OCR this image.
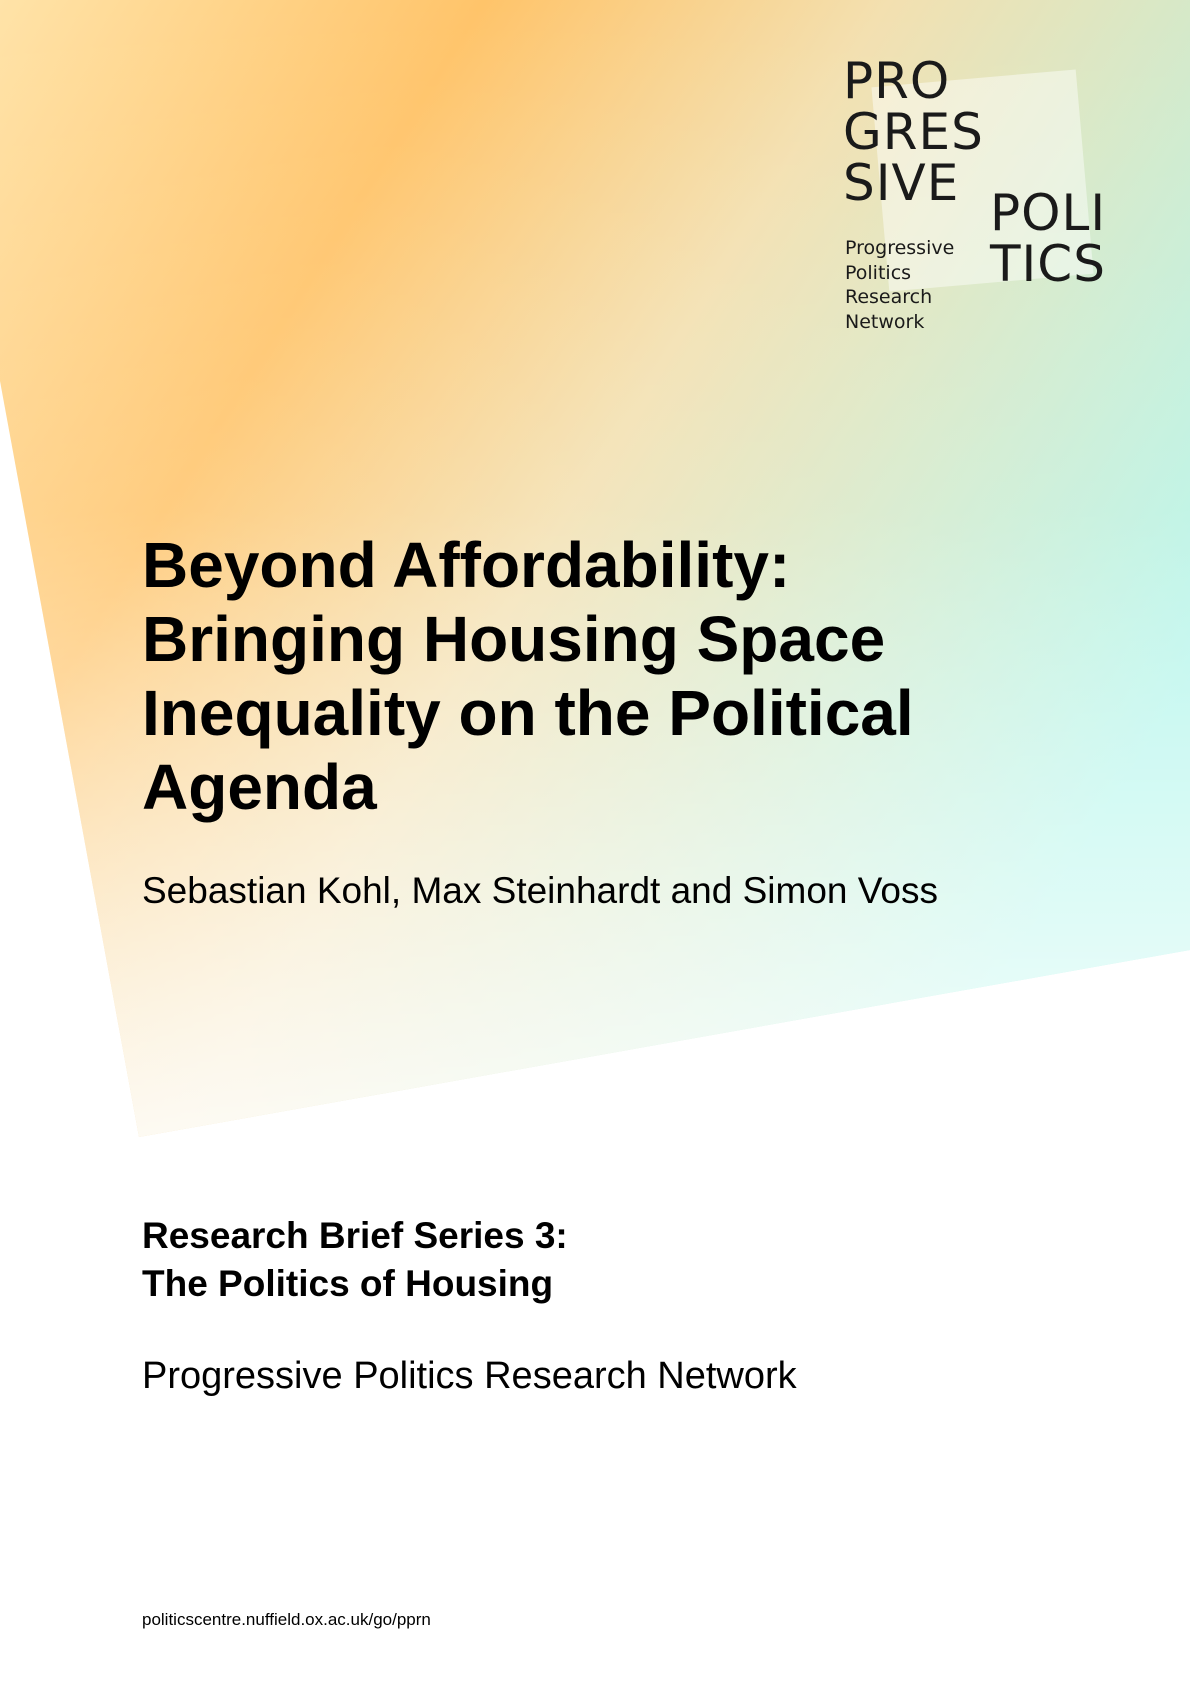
PRO
GRES
SIVE
POLI
TICS
Progressive
Politics
Research
Network
Beyond Affordability:
Bringing Housing Space
Inequality on the Political
Agenda
Sebastian Kohl, Max Steinhardt and Simon Voss
Research Brief Series 3:
The Politics of Housing
Progressive Politics Research Network
politicscentre.nuffield.ox.ac.uk/go/pprn
